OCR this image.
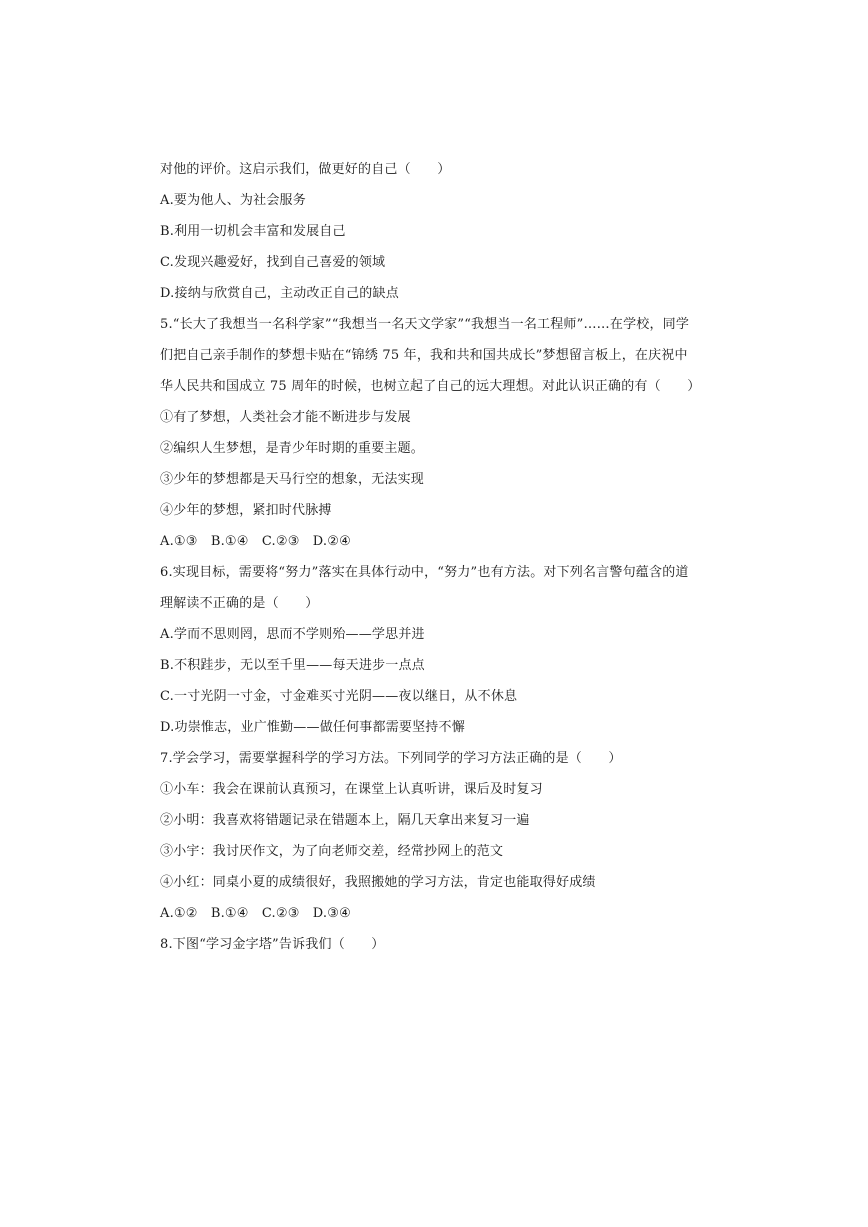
对他的评价。这启示我们，做更好的自己（　　）
A.要为他人、为社会服务
B.利用一切机会丰富和发展自己
C.发现兴趣爱好，找到自己喜爱的领域
D.接纳与欣赏自己，主动改正自己的缺点
5.“长大了我想当一名科学家”“我想当一名天文学家”“我想当一名工程师”……在学校，同学
们把自己亲手制作的梦想卡贴在“锦绣 75 年，我和共和国共成长”梦想留言板上，在庆祝中
华人民共和国成立 75 周年的时候，也树立起了自己的远大理想。对此认识正确的有（　　）
①有了梦想，人类社会才能不断进步与发展
②编织人生梦想，是青少年时期的重要主题。
③少年的梦想都是天马行空的想象，无法实现
④少年的梦想，紧扣时代脉搏
A.①③　B.①④　C.②③　D.②④
6.实现目标，需要将“努力”落实在具体行动中，“努力”也有方法。对下列名言警句蕴含的道
理解读不正确的是（　　）
A.学而不思则罔，思而不学则殆——学思并进
B.不积跬步，无以至千里——每天进步一点点
C.一寸光阴一寸金，寸金难买寸光阴——夜以继日，从不休息
D.功崇惟志，业广惟勤——做任何事都需要坚持不懈
7.学会学习，需要掌握科学的学习方法。下列同学的学习方法正确的是（　　）
①小车：我会在课前认真预习，在课堂上认真听讲，课后及时复习
②小明：我喜欢将错题记录在错题本上，隔几天拿出来复习一遍
③小宇：我讨厌作文，为了向老师交差，经常抄网上的范文
④小红：同桌小夏的成绩很好，我照搬她的学习方法，肯定也能取得好成绩
A.①②　B.①④　C.②③　D.③④
8.下图“学习金字塔”告诉我们（　　）
